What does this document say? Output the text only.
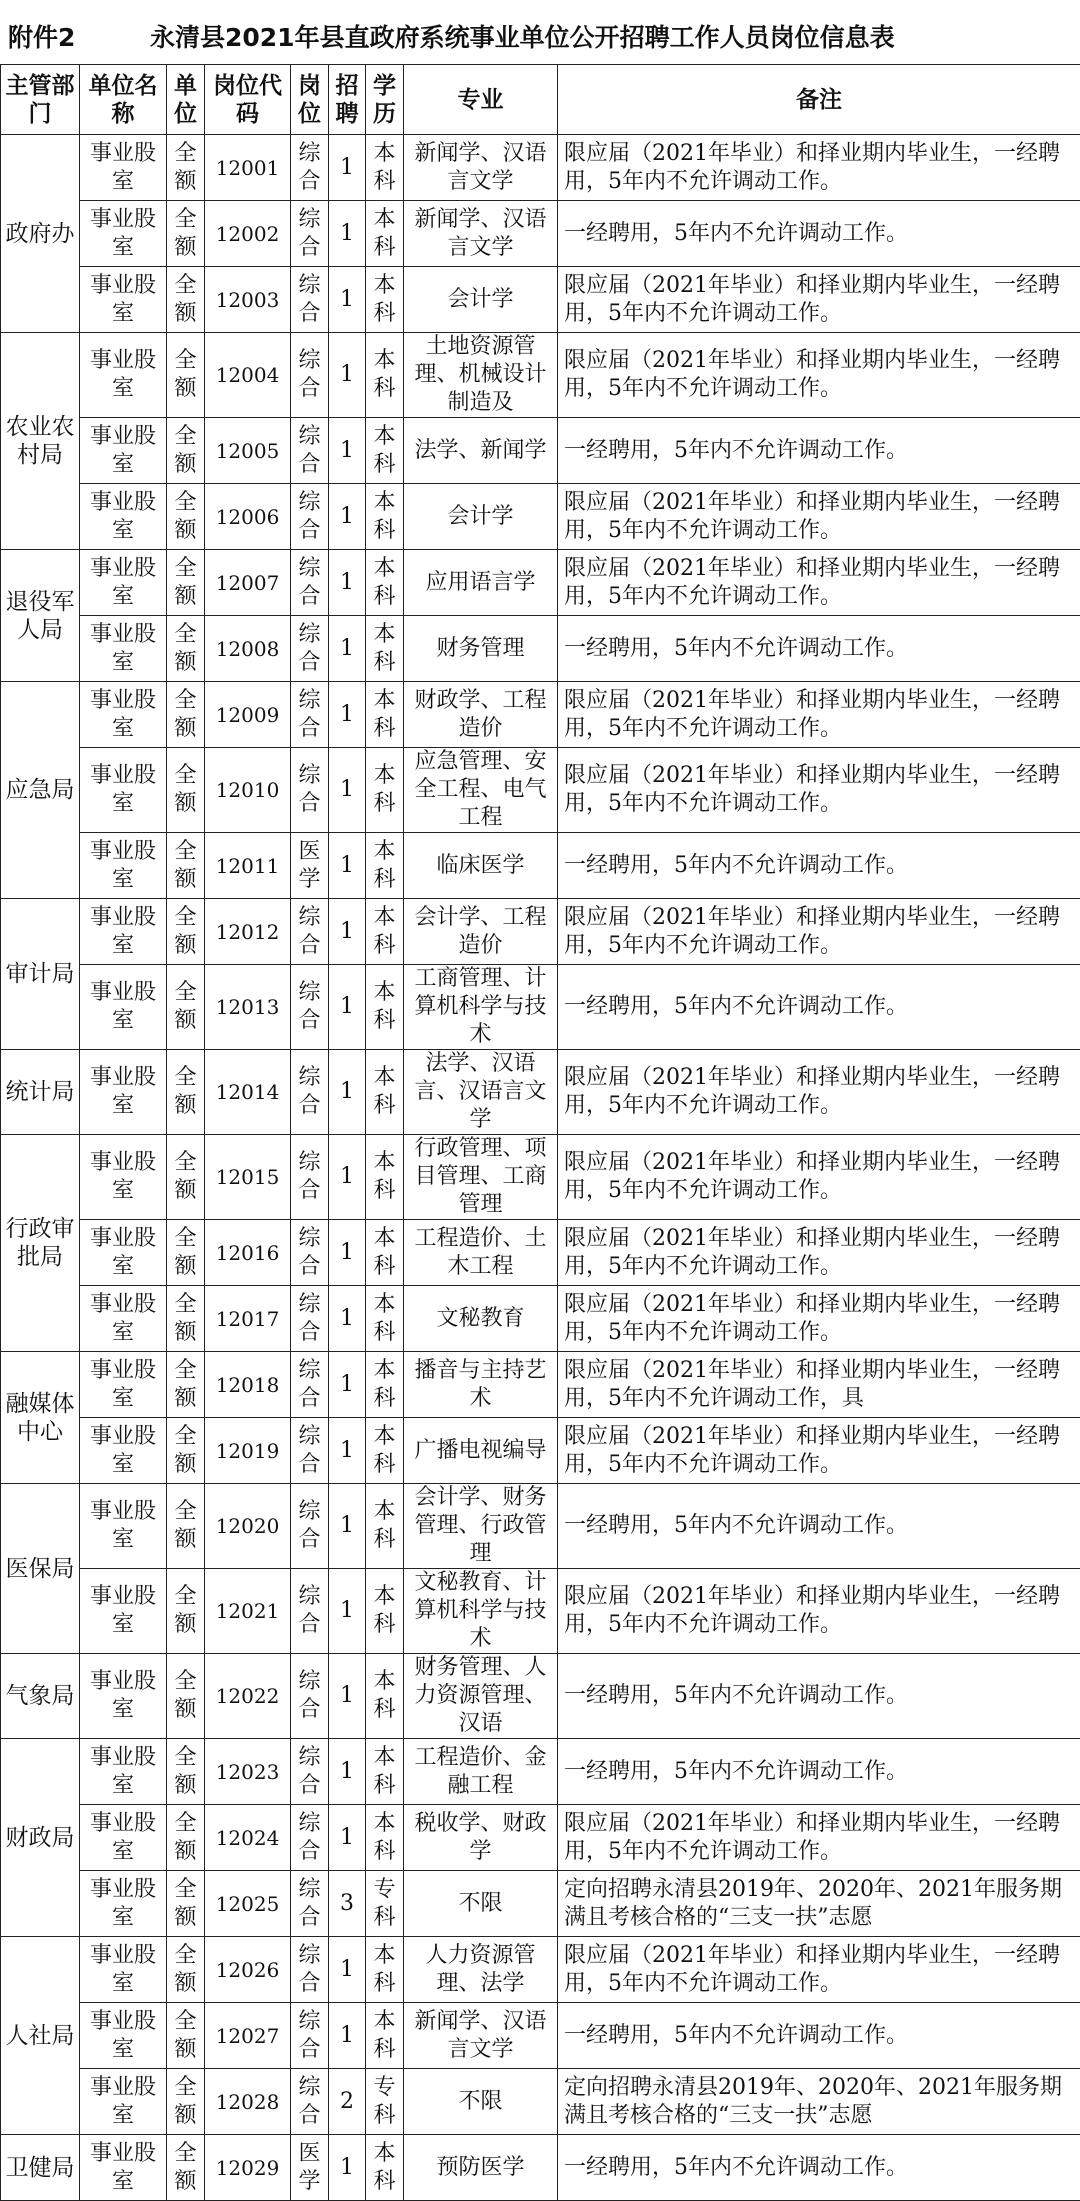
附件2	永清县2021年县直政府系统事业单位公开招聘工作人员岗位信息表
主管部门	单位名称	单位	岗位代码	岗位	招聘	学历	专业	备注
政府办	事业股室	全额	12001	综合	1	本科	新闻学、汉语言文学	限应届（2021年毕业）和择业期内毕业生，一经聘用，5年内不允许调动工作。
	事业股室	全额	12002	综合	1	本科	新闻学、汉语言文学	一经聘用，5年内不允许调动工作。
	事业股室	全额	12003	综合	1	本科	会计学	限应届（2021年毕业）和择业期内毕业生，一经聘用，5年内不允许调动工作。
农业农村局	事业股室	全额	12004	综合	1	本科	土地资源管理、机械设计制造及	限应届（2021年毕业）和择业期内毕业生，一经聘用，5年内不允许调动工作。
	事业股室	全额	12005	综合	1	本科	法学、新闻学	一经聘用，5年内不允许调动工作。
	事业股室	全额	12006	综合	1	本科	会计学	限应届（2021年毕业）和择业期内毕业生，一经聘用，5年内不允许调动工作。
退役军人局	事业股室	全额	12007	综合	1	本科	应用语言学	限应届（2021年毕业）和择业期内毕业生，一经聘用，5年内不允许调动工作。
	事业股室	全额	12008	综合	1	本科	财务管理	一经聘用，5年内不允许调动工作。
应急局	事业股室	全额	12009	综合	1	本科	财政学、工程造价	限应届（2021年毕业）和择业期内毕业生，一经聘用，5年内不允许调动工作。
	事业股室	全额	12010	综合	1	本科	应急管理、安全工程、电气工程	限应届（2021年毕业）和择业期内毕业生，一经聘用，5年内不允许调动工作。
	事业股室	全额	12011	医学	1	本科	临床医学	一经聘用，5年内不允许调动工作。
审计局	事业股室	全额	12012	综合	1	本科	会计学、工程造价	限应届（2021年毕业）和择业期内毕业生，一经聘用，5年内不允许调动工作。
	事业股室	全额	12013	综合	1	本科	工商管理、计算机科学与技术	一经聘用，5年内不允许调动工作。
统计局	事业股室	全额	12014	综合	1	本科	法学、汉语言、汉语言文学	限应届（2021年毕业）和择业期内毕业生，一经聘用，5年内不允许调动工作。
行政审批局	事业股室	全额	12015	综合	1	本科	行政管理、项目管理、工商管理	限应届（2021年毕业）和择业期内毕业生，一经聘用，5年内不允许调动工作。
	事业股室	全额	12016	综合	1	本科	工程造价、土木工程	限应届（2021年毕业）和择业期内毕业生，一经聘用，5年内不允许调动工作。
	事业股室	全额	12017	综合	1	本科	文秘教育	限应届（2021年毕业）和择业期内毕业生，一经聘用，5年内不允许调动工作。
融媒体中心	事业股室	全额	12018	综合	1	本科	播音与主持艺术	限应届（2021年毕业）和择业期内毕业生，一经聘用，5年内不允许调动工作，具
	事业股室	全额	12019	综合	1	本科	广播电视编导	限应届（2021年毕业）和择业期内毕业生，一经聘用，5年内不允许调动工作。
医保局	事业股室	全额	12020	综合	1	本科	会计学、财务管理、行政管理	一经聘用，5年内不允许调动工作。
	事业股室	全额	12021	综合	1	本科	文秘教育、计算机科学与技术	限应届（2021年毕业）和择业期内毕业生，一经聘用，5年内不允许调动工作。
气象局	事业股室	全额	12022	综合	1	本科	财务管理、人力资源管理、汉语	一经聘用，5年内不允许调动工作。
财政局	事业股室	全额	12023	综合	1	本科	工程造价、金融工程	一经聘用，5年内不允许调动工作。
	事业股室	全额	12024	综合	1	本科	税收学、财政学	限应届（2021年毕业）和择业期内毕业生，一经聘用，5年内不允许调动工作。
	事业股室	全额	12025	综合	3	专科	不限	定向招聘永清县2019年、2020年、2021年服务期满且考核合格的“三支一扶”志愿
人社局	事业股室	全额	12026	综合	1	本科	人力资源管理、法学	限应届（2021年毕业）和择业期内毕业生，一经聘用，5年内不允许调动工作。
	事业股室	全额	12027	综合	1	本科	新闻学、汉语言文学	一经聘用，5年内不允许调动工作。
	事业股室	全额	12028	综合	2	专科	不限	定向招聘永清县2019年、2020年、2021年服务期满且考核合格的“三支一扶”志愿
卫健局	事业股室	全额	12029	医学	1	本科	预防医学	一经聘用，5年内不允许调动工作。
